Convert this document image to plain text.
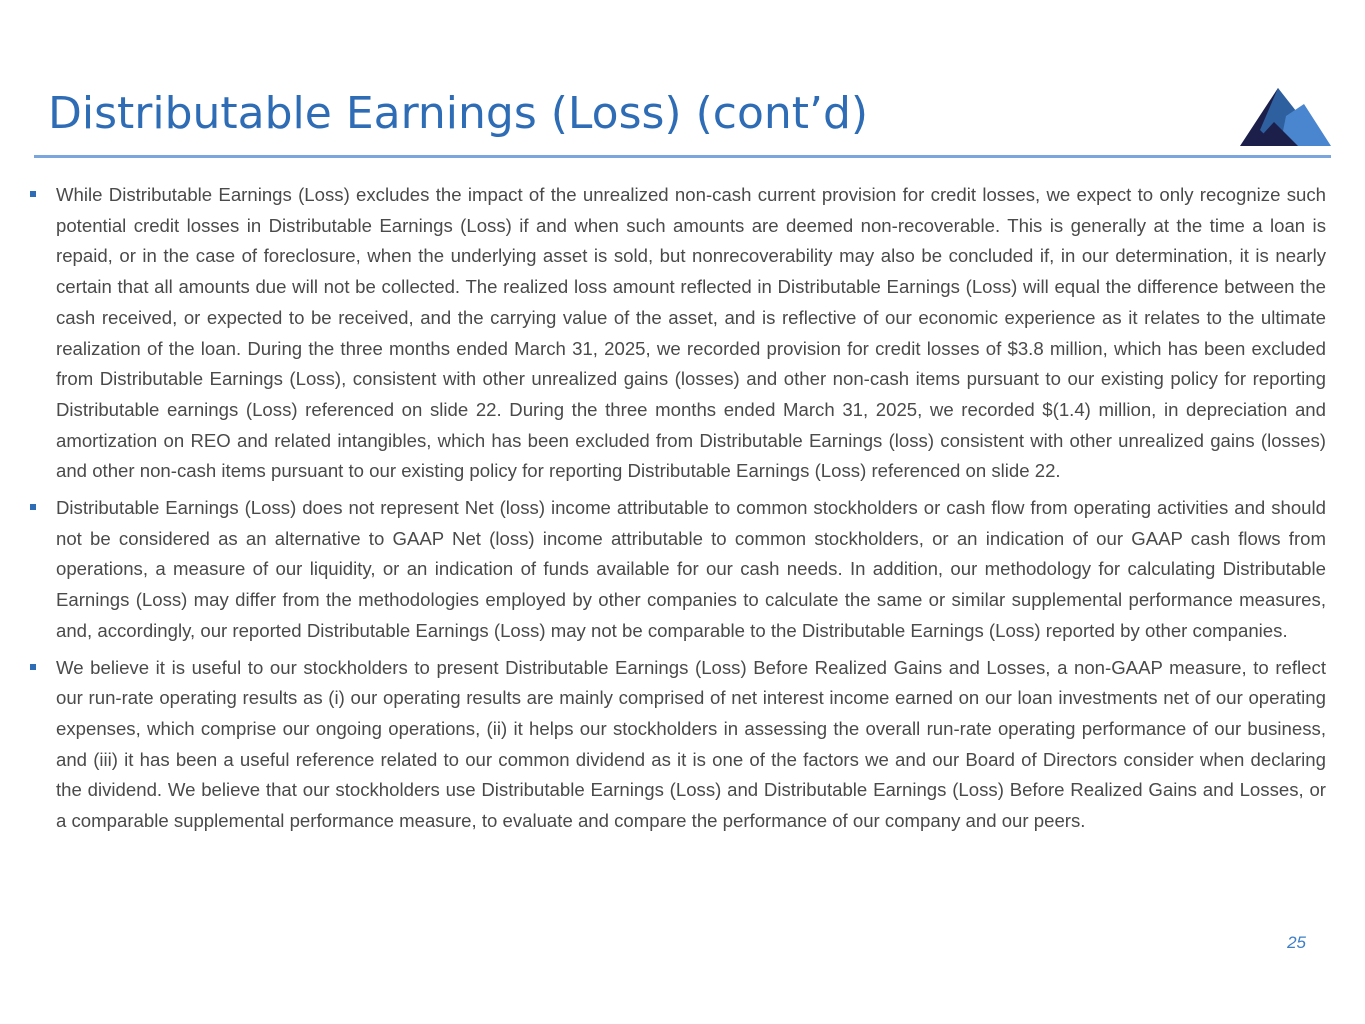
Distributable Earnings (Loss) (cont’d)
While Distributable Earnings (Loss) excludes the impact of the unrealized non-cash current provision for credit losses, we expect to only recognize such potential credit losses in Distributable Earnings (Loss) if and when such amounts are deemed non-recoverable. This is generally at the time a loan is repaid, or in the case of foreclosure, when the underlying asset is sold, but nonrecoverability may also be concluded if, in our determination, it is nearly certain that all amounts due will not be collected. The realized loss amount reflected in Distributable Earnings (Loss) will equal the difference between the cash received, or expected to be received, and the carrying value of the asset, and is reflective of our economic experience as it relates to the ultimate realization of the loan. During the three months ended March 31, 2025, we recorded provision for credit losses of $3.8 million, which has been excluded from Distributable Earnings (Loss), consistent with other unrealized gains (losses) and other non-cash items pursuant to our existing policy for reporting Distributable earnings (Loss) referenced on slide 22. During the three months ended March 31, 2025, we recorded $(1.4) million, in depreciation and amortization on REO and related intangibles, which has been excluded from Distributable Earnings (loss) consistent with other unrealized gains (losses) and other non-cash items pursuant to our existing policy for reporting Distributable Earnings (Loss) referenced on slide 22.
Distributable Earnings (Loss) does not represent Net (loss) income attributable to common stockholders or cash flow from operating activities and should not be considered as an alternative to GAAP Net (loss) income attributable to common stockholders, or an indication of our GAAP cash flows from operations, a measure of our liquidity, or an indication of funds available for our cash needs. In addition, our methodology for calculating Distributable Earnings (Loss) may differ from the methodologies employed by other companies to calculate the same or similar supplemental performance measures, and, accordingly, our reported Distributable Earnings (Loss) may not be comparable to the Distributable Earnings (Loss) reported by other companies.
We believe it is useful to our stockholders to present Distributable Earnings (Loss) Before Realized Gains and Losses, a non-GAAP measure, to reflect our run-rate operating results as (i) our operating results are mainly comprised of net interest income earned on our loan investments net of our operating expenses, which comprise our ongoing operations, (ii) it helps our stockholders in assessing the overall run-rate operating performance of our business, and (iii) it has been a useful reference related to our common dividend as it is one of the factors we and our Board of Directors consider when declaring the dividend. We believe that our stockholders use Distributable Earnings (Loss) and Distributable Earnings (Loss) Before Realized Gains and Losses, or a comparable supplemental performance measure, to evaluate and compare the performance of our company and our peers.
25
